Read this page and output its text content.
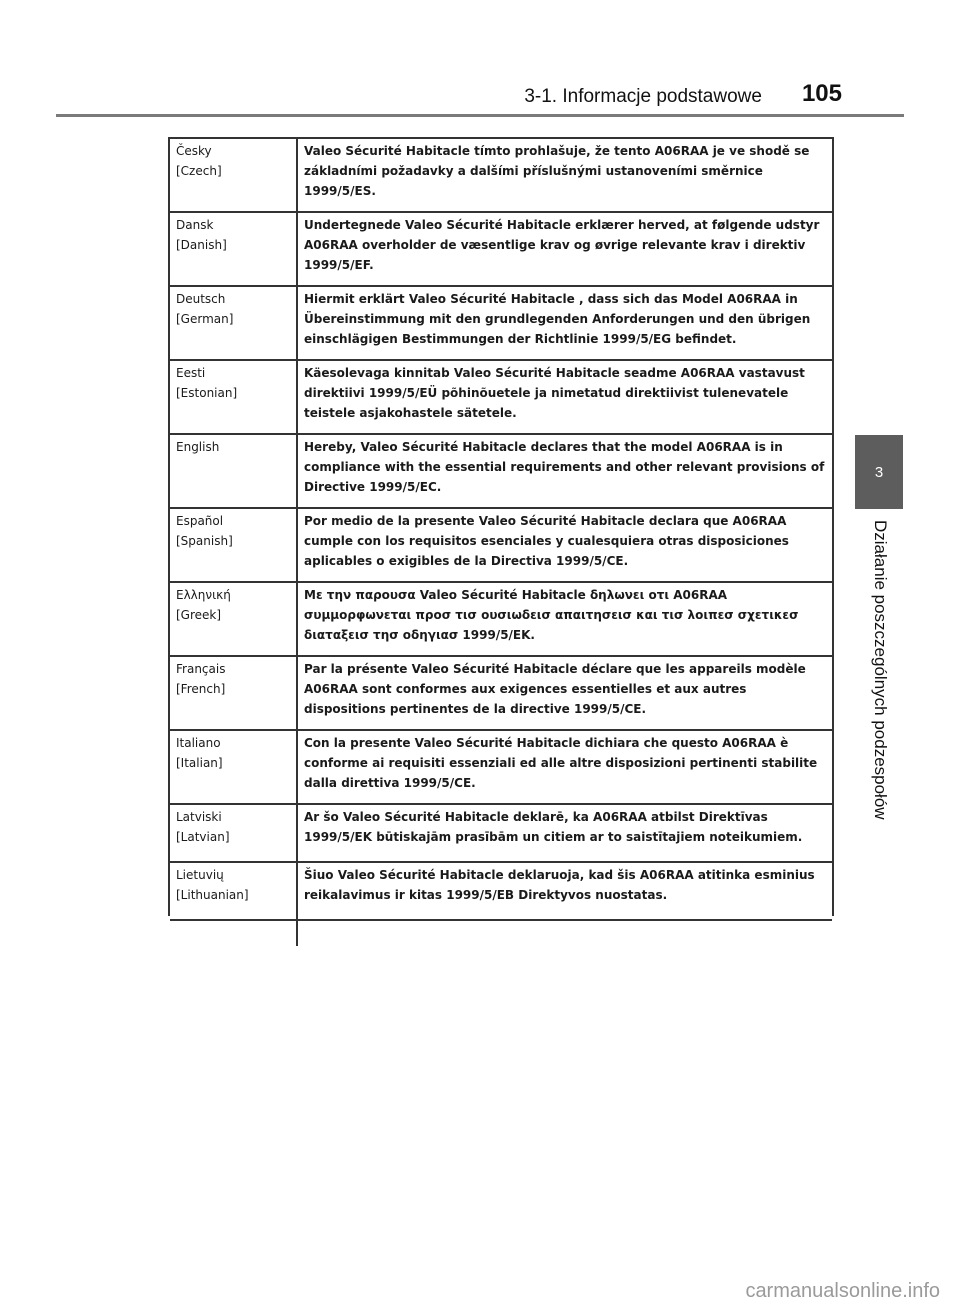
3-1. Informacje podstawowe 105
3
Działanie poszczególnych podzespołów
Česky
[Czech]	Valeo Sécurité Habitacle tímto prohlašuje, že tento A06RAA je ve shodě se základními požadavky a dalšími příslušnými ustanoveními směrnice 1999/5/ES.

Dansk
[Danish]	Undertegnede Valeo Sécurité Habitacle erklærer herved, at følgende udstyr A06RAA overholder de væsentlige krav og øvrige relevante krav i direktiv 1999/5/EF.

Deutsch
[German]	Hiermit erklärt Valeo Sécurité Habitacle , dass sich das Model A06RAA in Übereinstimmung mit den grundlegenden Anforderungen und den übrigen einschlägigen Bestimmungen der Richtlinie 1999/5/EG befindet.

Eesti
[Estonian]	Käesolevaga kinnitab Valeo Sécurité Habitacle seadme A06RAA vastavust direktiivi 1999/5/EÜ põhinõuetele ja nimetatud direktiivist tulenevatele teistele asjakohastele sätetele.

English	Hereby, Valeo Sécurité Habitacle declares that the model A06RAA is in compliance with the essential requirements and other relevant provisions of Directive 1999/5/EC.

Español
[Spanish]	Por medio de la presente Valeo Sécurité Habitacle declara que A06RAA cumple con los requisitos esenciales y cualesquiera otras disposiciones aplicables o exigibles de la Directiva 1999/5/CE.

Ελληνική
[Greek]	Με την παρουσα Valeo Sécurité Habitacle δηλωνει οτι A06RAA συμμορφωνεται προσ τισ ουσιωδεισ απαιτησεισ και τισ λοιπεσ σχετικεσ διαταξεισ τησ οδηγιασ 1999/5/ΕΚ.

Français
[French]	Par la présente Valeo Sécurité Habitacle déclare que les appareils modèle A06RAA sont conformes aux exigences essentielles et aux autres dispositions pertinentes de la directive 1999/5/CE.

Italiano
[Italian]	Con la presente Valeo Sécurité Habitacle dichiara che questo A06RAA è conforme ai requisiti essenziali ed alle altre disposizioni pertinenti stabilite dalla direttiva 1999/5/CE.

Latviski
[Latvian]	Ar šo Valeo Sécurité Habitacle deklarē, ka A06RAA atbilst Direktīvas 1999/5/EK būtiskajām prasībām un citiem ar to saistītajiem noteikumiem.

Lietuvių
[Lithuanian]	Šiuo Valeo Sécurité Habitacle deklaruoja, kad šis A06RAA atitinka esminius reikalavimus ir kitas 1999/5/EB Direktyvos nuostatas.

carmanualsonline.info
